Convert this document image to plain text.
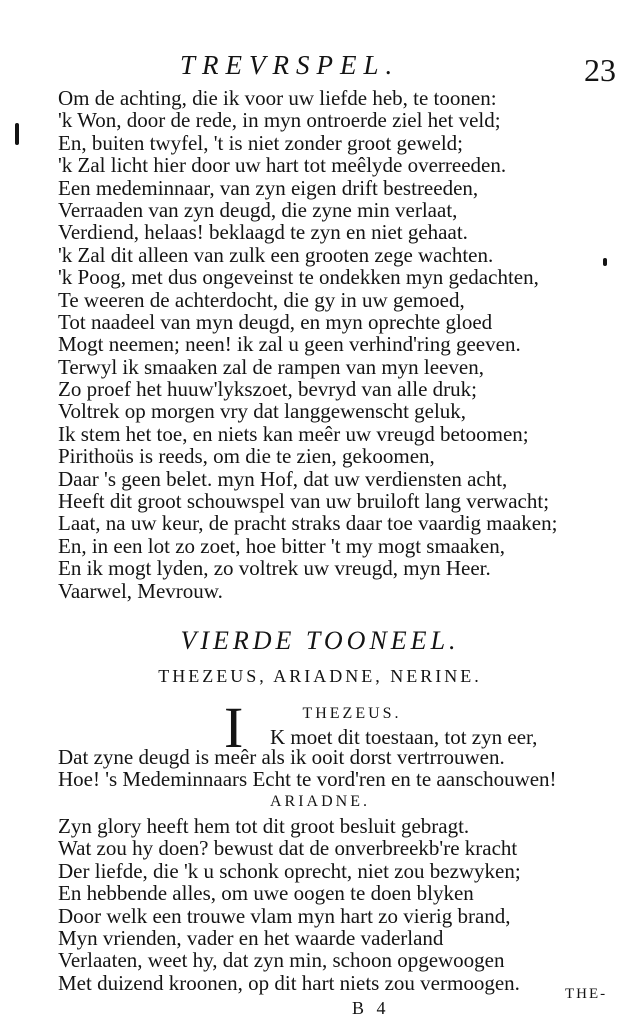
TREVRSPEL.	23
Om de achting, die ik voor uw liefde heb, te toonen:
'k Won, door de rede, in myn ontroerde ziel het veld;
En, buiten twyfel, 't is niet zonder groot geweld;
'k Zal licht hier door uw hart tot meêlyde overreeden.
Een medeminnaar, van zyn eigen drift bestreeden,
Verraaden van zyn deugd, die zyne min verlaat,
Verdiend, helaas! beklaagd te zyn en niet gehaat.
'k Zal dit alleen van zulk een grooten zege wachten.
'k Poog, met dus ongeveinst te ondekken myn gedachten,
Te weeren de achterdocht, die gy in uw gemoed,
Tot naadeel van myn deugd, en myn oprechte gloed
Mogt neemen; neen! ik zal u geen verhind'ring geeven.
Terwyl ik smaaken zal de rampen van myn leeven,
Zo proef het huuw'lykszoet, bevryd van alle druk;
Voltrek op morgen vry dat langgewenscht geluk,
Ik stem het toe, en niets kan meêr uw vreugd betoomen;
Pirithoüs is reeds, om die te zien, gekoomen,
Daar 's geen belet. myn Hof, dat uw verdiensten acht,
Heeft dit groot schouwspel van uw bruiloft lang verwacht;
Laat, na uw keur, de pracht straks daar toe vaardig maaken;
En, in een lot zo zoet, hoe bitter 't my mogt smaaken,
En ik mogt lyden, zo voltrek uw vreugd, myn Heer.
Vaarwel, Mevrouw.
VIERDE TOONEEL.
THEZEUS, ARIADNE, NERINE.
THEZEUS.
I K moet dit toestaan, tot zyn eer,
Dat zyne deugd is meêr als ik ooit dorst vertrrouwen.
Hoe! 's Medeminnaars Echt te vord'ren en te aanschouwen!
ARIADNE.
Zyn glory heeft hem tot dit groot besluit gebragt.
Wat zou hy doen? bewust dat de onverbreekb're kracht
Der liefde, die 'k u schonk oprecht, niet zou bezwyken;
En hebbende alles, om uwe oogen te doen blyken
Door welk een trouwe vlam myn hart zo vierig brand,
Myn vrienden, vader en het waarde vaderland
Verlaaten, weet hy, dat zyn min, schoon opgewoogen
Met duizend kroonen, op dit hart niets zou vermoogen.	THE-
B 4
